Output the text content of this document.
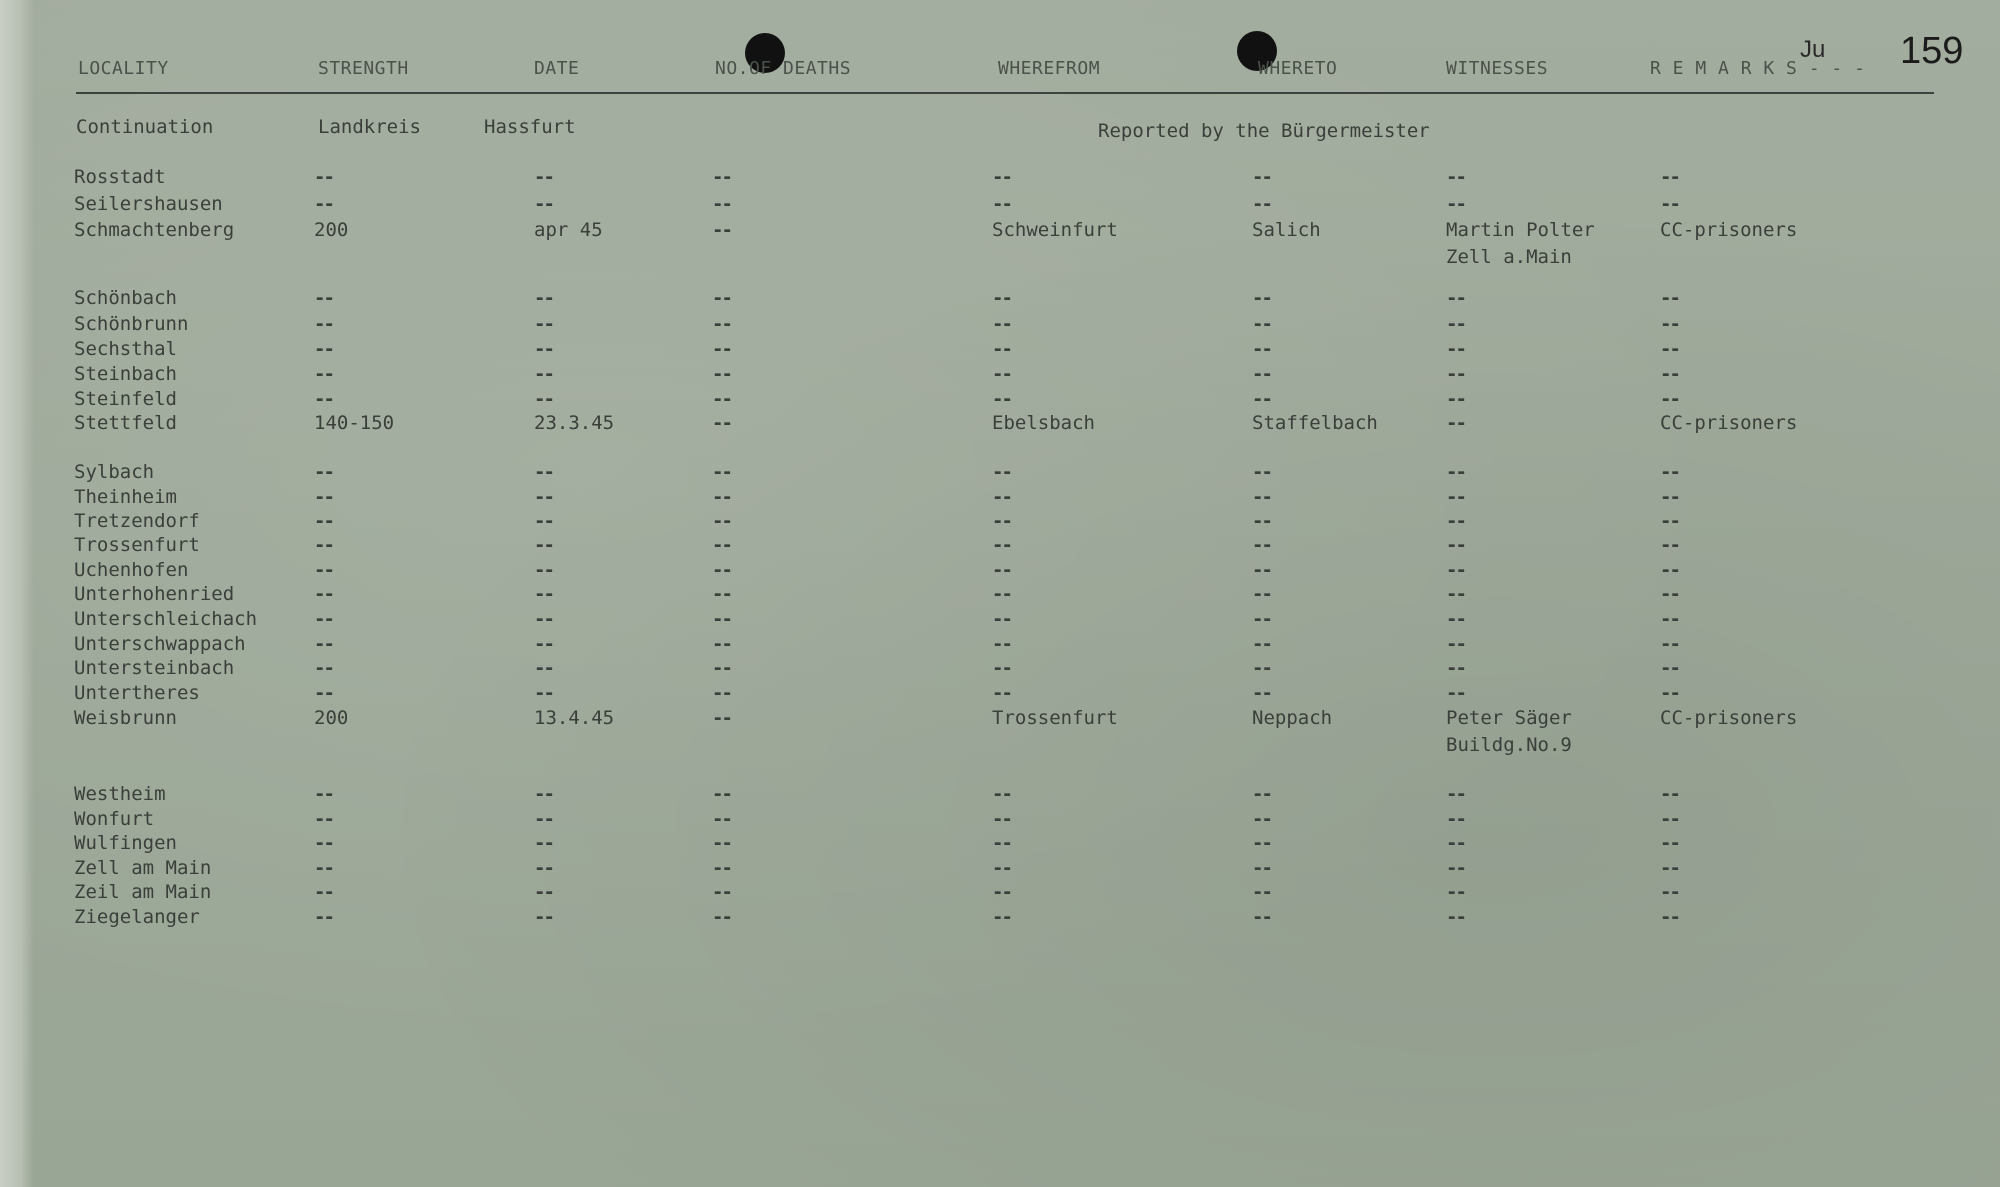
Ju 159
LOCALITY	STRENGTH	DATE	NO.OF DEATHS	WHEREFROM	WHERETO	WITNESSES	R E M A R K S - - -
Continuation	Landkreis	Hassfurt	Reported by the Bürgermeister
Rosstadt	--	--	--	--	--	--	--
Seilershausen	--	--	--	--	--	--	--
Schmachtenberg	200	apr 45	--	Schweinfurt	Salich	Martin Polter	CC-prisoners
Zell a.Main
Schönbach	--	--	--	--	--	--	--
Schönbrunn	--	--	--	--	--	--	--
Sechsthal	--	--	--	--	--	--	--
Steinbach	--	--	--	--	--	--	--
Steinfeld	--	--	--	--	--	--	--
Stettfeld	140-150	23.3.45	--	Ebelsbach	Staffelbach	--	CC-prisoners
Sylbach	--	--	--	--	--	--	--
Theinheim	--	--	--	--	--	--	--
Tretzendorf	--	--	--	--	--	--	--
Trossenfurt	--	--	--	--	--	--	--
Uchenhofen	--	--	--	--	--	--	--
Unterhohenried	--	--	--	--	--	--	--
Unterschleichach	--	--	--	--	--	--	--
Unterschwappach	--	--	--	--	--	--	--
Untersteinbach	--	--	--	--	--	--	--
Untertheres	--	--	--	--	--	--	--
Weisbrunn	200	13.4.45	--	Trossenfurt	Neppach	Peter Säger	CC-prisoners
Buildg.No.9
Westheim	--	--	--	--	--	--	--
Wonfurt	--	--	--	--	--	--	--
Wulfingen	--	--	--	--	--	--	--
Zell am Main	--	--	--	--	--	--	--
Zeil am Main	--	--	--	--	--	--	--
Ziegelanger	--	--	--	--	--	--	--
